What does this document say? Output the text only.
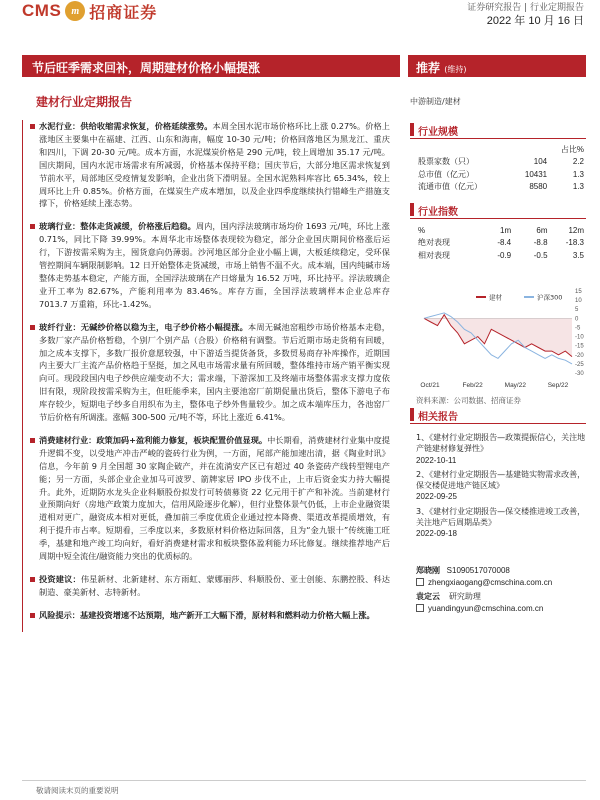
CMS	m 招商证券	证券研究报告 | 行业定期报告
2022 年 10 月 16 日
节后旺季需求回补，周期建材价格小幅提涨	推荐 (维持)
建材行业定期报告
水泥行业：供给收缩需求恢复，价格延续涨势。本周全国水泥市场价格环比上涨 0.27%。价格上涨地区主要集中在福建、江西、山东和海南，幅度 10-30 元/吨；价格回落地区为黑龙江、重庆和四川，下调 20-30 元/吨。成本方面，水泥煤炭价格是 290 元/吨，较上周增加 35.17 元/吨。国庆期间，国内水泥市场需求有所减弱，价格基本保持平稳；国庆节后，大部分地区需求恢复到节前水平，局部地区受疫情复发影响，企业出货下滑明显。全国水泥熟料库容比 65.34%，较上周环比上升 0.85%。价格方面，在煤炭生产成本增加，以及企业四季度继续执行错峰生产措施支撑下，价格延续上涨态势。
玻璃行业：整体走货减缓，价格涨后趋稳。周内，国内浮法玻璃市场均价 1693 元/吨，环比上涨 0.71%，同比下降 39.99%。本周华北市场整体表现较为稳定，部分企业国庆期间价格涨后运行，下游按需采购为主，囤货意向仍薄弱。沙河地区部分企业小幅上调，大板延续稳定，受环保管控期间车辆限制影响。12 日开始整体走货减缓，市场上销售不温不火。成本端，国内纯碱市场整体走势基本稳定，产能方面，全国浮法玻璃在产日熔量为 16.52 万吨，环比持平。浮法玻璃企业开工率为 82.67%，产能利用率为 83.46%。库存方面，全国浮法玻璃样本企业总库存 7013.7 万重箱，环比-1.42%。
玻纤行业：无碱纱价格以稳为主，电子纱价格小幅提涨。本周无碱池窑粗纱市场价格基本走稳，多数厂家产品价格暂稳，个别厂个别产品（合股）价格稍有调整。节后近期市场走货稍有回暖，加之成本支撑下，多数厂报价意愿较强，中下游适当提货备货，多数贸易商存补库操作，近期国内主要大厂主流产品价格趋于坚挺，加之风电市场需求量有所回暖，整体维持市场产销平衡实现向可。现段段国内电子纱供应端变动不大；需求端，下游深加工及终端市场整体需求支撑力度依旧有限，现阶段按需采购为主，但旺能季来，国内主要池窑厂前期促量出货后，整体下游电子布库存较少，短期电子纱多自用织布为主，整体电子纱外售量较少。加之成本端库压力，各池窑厂节后价格有所调涨。涨幅 300-500 元/吨不等，环比上涨近 6.41%。
消费建材行业：政策加码+盈利能力修复，板块配置价值显现。中长期看，消费建材行业集中度提升逻辑不变，以受地产冲击严峻的瓷砖行业为例，一方面，尾部产能加速出清，据《陶业时讯》信息，今年前 9 月全国超 30 家陶企破产，并在流淌安产区已有超过 40 条瓷砖产线转型锂电产能；另一方面，头部企业企业加马可波罗、箭牌家居 IPO 步伐不止，上市后资金实力持大幅提升。此外，近期防水龙头企业科顺股份拟发行可转债募资 22 亿元用于扩产和补流。当前建材行业预期向好（房地产政策力度加大，信用风险逐步化解），但行业整体景气仍低，上市企业融资渠道相对更广，融资成本相对更低，叠加前三季度优质企业通过控本降费、渠道改革提质增效，有利于提升市占率。短期看，三季度以来，多数原材料价格边际回落，且为“金九银十”传统施工旺季，基建和地产竣工均向好，看好消费建材需求和板块整体盈利能力环比修复。继续推荐地产后周期中短全流住/融资能力突出的优质标的。
投资建议：伟星新材、北新建材、东方雨虹、蒙娜丽莎、科顺股份、亚士创能、东鹏控股、科达制造、豪美新材、志特新材。
风险提示：基建投资增速不达预期，地产新开工大幅下滑，原材料和燃料动力价格大幅上涨。
中游制造/建材
行业规模
		占比%
股票家数（只）	104	2.2
总市值（亿元）	10431	1.3
流通市值（亿元）	8580	1.3
行业指数
%	1m	6m	12m
绝对表现	-8.4	-8.8	-18.3
相对表现	-0.9	-0.5	3.5
15
10
5
0
-5
-10
-15
-20
-25
-30
建材	沪深300
Oct/21	Feb/22	May/22	Sep/22
资料来源：公司数据、招商证券
相关报告
1、《建材行业定期报告—政策提振信心，关注地产链建材修复弹性》
2022-10-11
2、《建材行业定期报告—基建链实物需求改善，保交楼促进地产链区域》
2022-09-25
3、《建材行业定期报告—保交楼推进竣工改善，关注地产后周期品类》
2022-09-18
郑晓刚 S1090517070008
zhengxiaogang@cmschina.com.cn
袁定云 研究助理
yuandingyun@cmschina.com.cn
敬请阅读末页的重要说明
